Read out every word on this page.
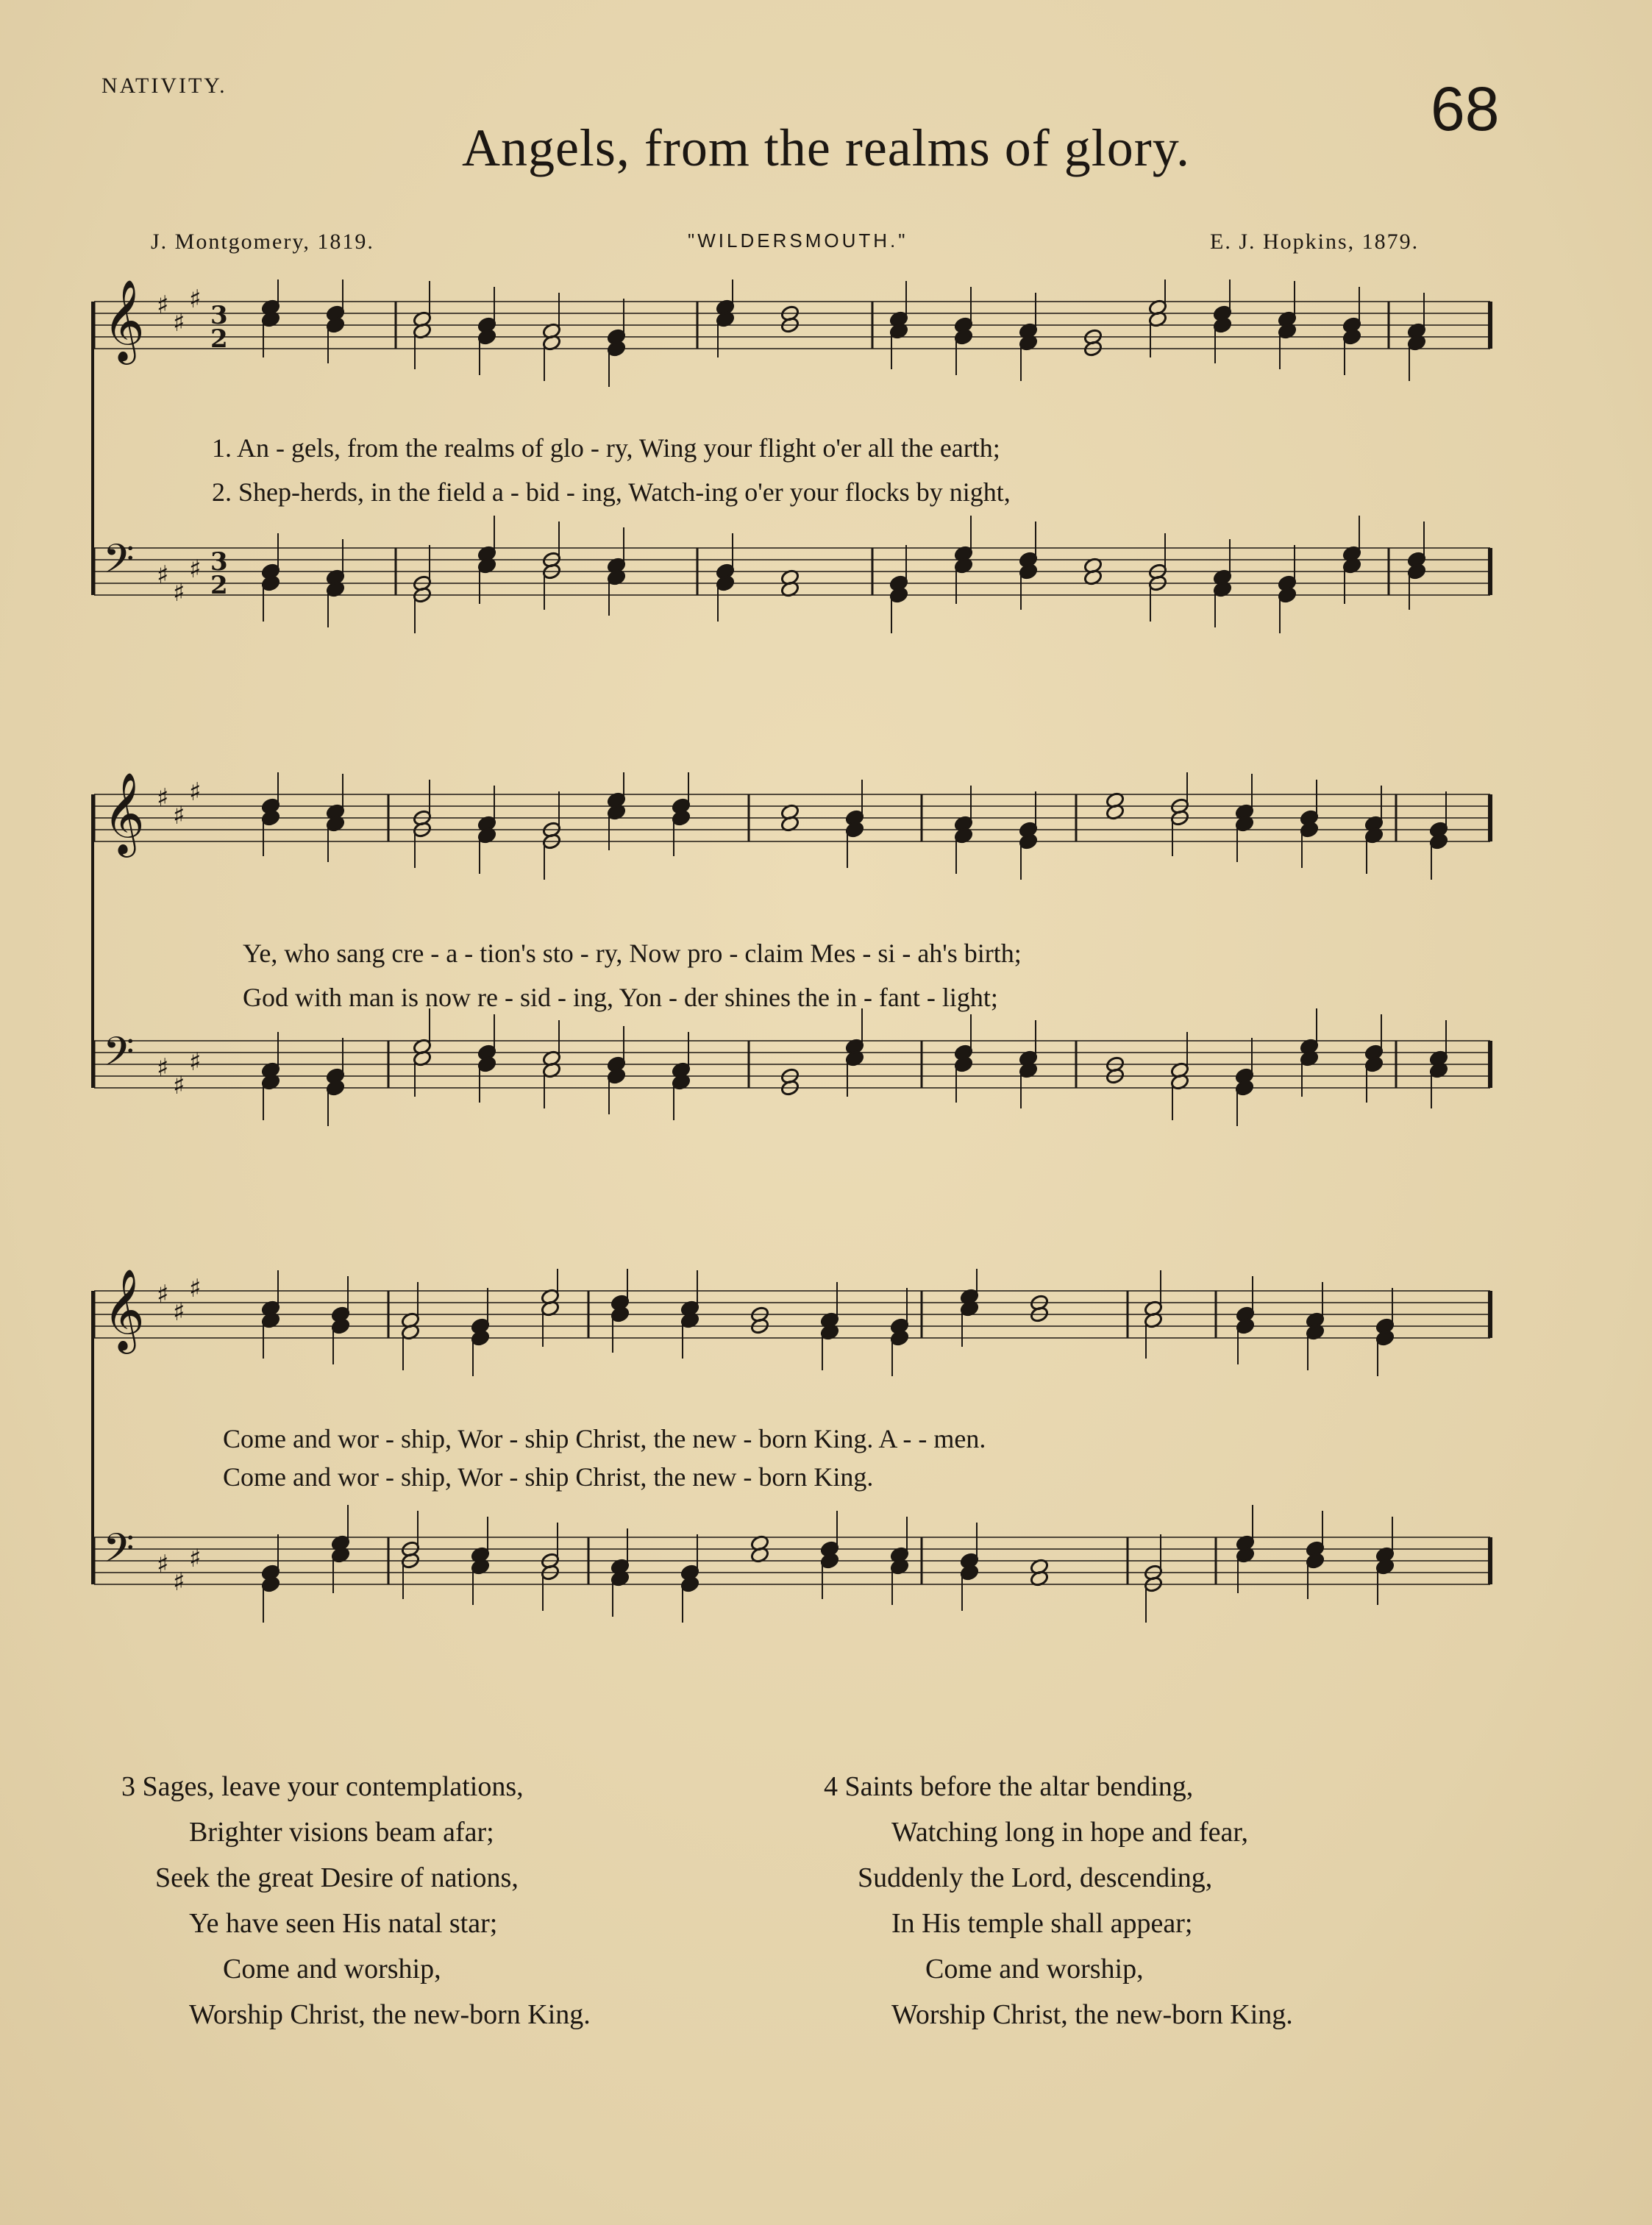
NATIVITY.	68
Angels, from the realms of glory.
J. Montgomery, 1819.	"WILDERSMOUTH."	E. J. Hopkins, 1879.
𝄞 ♯
♯
♯
3
2
𝄢 ♯
♯
♯ 3
2
1. An - gels, from the realms of glo - ry, Wing your flight o'er all the earth;
2. Shep-herds, in the field a - bid - ing, Watch-ing o'er your flocks by night,
𝄞 ♯
♯
♯
𝄢 ♯
♯
♯
Ye, who sang cre - a - tion's sto - ry, Now pro - claim Mes - si - ah's birth;
God with man is now re - sid - ing, Yon - der shines the in - fant - light;
𝄞 ♯
♯
♯
𝄢 ♯
♯
♯
Come and wor - ship, Wor - ship Christ, the new - born King. A - - men.
Come and wor - ship, Wor - ship Christ, the new - born King.
3 Sages, leave your contemplations,
Brighter visions beam afar;
Seek the great Desire of nations,
Ye have seen His natal star;
Come and worship,
Worship Christ, the new-born King.
4 Saints before the altar bending,
Watching long in hope and fear,
Suddenly the Lord, descending,
In His temple shall appear;
Come and worship,
Worship Christ, the new-born King.
